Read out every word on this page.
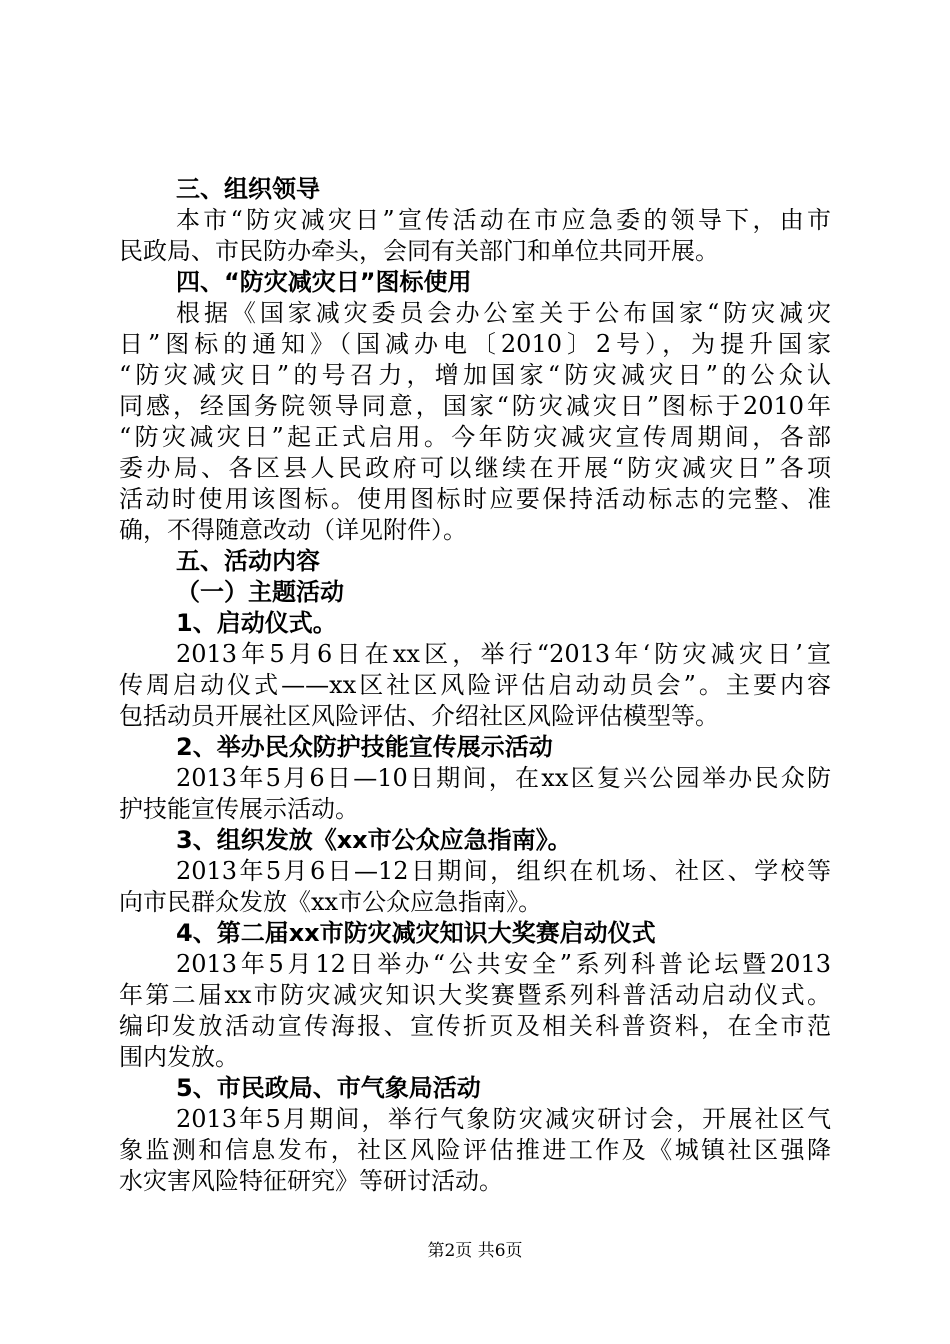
三、组织领导
本市“防灾减灾日”宣传活动在市应急委的领导下，由市
民政局、市民防办牵头，会同有关部门和单位共同开展。
四、“防灾减灾日”图标使用
根据《国家减灾委员会办公室关于公布国家“防灾减灾
日”图标的通知》（国减办电〔2010〕2号），为提升国家
“防灾减灾日”的号召力，增加国家“防灾减灾日”的公众认
同感，经国务院领导同意，国家“防灾减灾日”图标于2010年
“防灾减灾日”起正式启用。今年防灾减灾宣传周期间，各部
委办局、各区县人民政府可以继续在开展“防灾减灾日”各项
活动时使用该图标。使用图标时应要保持活动标志的完整、准
确，不得随意改动（详见附件）。
五、活动内容
（一）主题活动
1、启动仪式。
2013年5月6日在xx区，举行“2013年‘防灾减灾日’宣
传周启动仪式——xx区社区风险评估启动动员会”。主要内容
包括动员开展社区风险评估、介绍社区风险评估模型等。
2、举办民众防护技能宣传展示活动
2013年5月6日—10日期间，在xx区复兴公园举办民众防
护技能宣传展示活动。
3、组织发放《xx市公众应急指南》。
2013年5月6日—12日期间，组织在机场、社区、学校等
向市民群众发放《xx市公众应急指南》。
4、第二届xx市防灾减灾知识大奖赛启动仪式
2013年5月12日举办“公共安全”系列科普论坛暨2013
年第二届xx市防灾减灾知识大奖赛暨系列科普活动启动仪式。
编印发放活动宣传海报、宣传折页及相关科普资料，在全市范
围内发放。
5、市民政局、市气象局活动
2013年5月期间，举行气象防灾减灾研讨会，开展社区气
象监测和信息发布，社区风险评估推进工作及《城镇社区强降
水灾害风险特征研究》等研讨活动。
第2页 共6页
